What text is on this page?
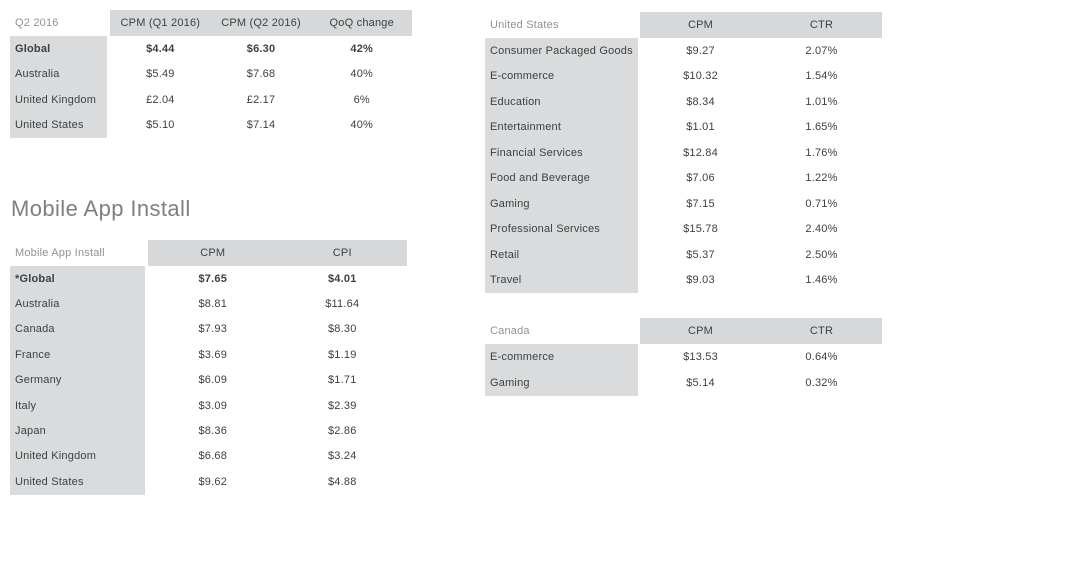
Q2 2016	CPM (Q1 2016)	CPM (Q2 2016)	QoQ change
Global	$4.44	$6.30	42%
Australia	$5.49	$7.68	40%
United Kingdom	£2.04	£2.17	6%
United States	$5.10	$7.14	40%
Mobile App Install
Mobile App Install	CPM	CPI
*Global	$7.65	$4.01
Australia	$8.81	$11.64
Canada	$7.93	$8.30
France	$3.69	$1.19
Germany	$6.09	$1.71
Italy	$3.09	$2.39
Japan	$8.36	$2.86
United Kingdom	$6.68	$3.24
United States	$9.62	$4.88
United States	CPM	CTR
Consumer Packaged Goods	$9.27	2.07%
E-commerce	$10.32	1.54%
Education	$8.34	1.01%
Entertainment	$1.01	1.65%
Financial Services	$12.84	1.76%
Food and Beverage	$7.06	1.22%
Gaming	$7.15	0.71%
Professional Services	$15.78	2.40%
Retail	$5.37	2.50%
Travel	$9.03	1.46%
Canada	CPM	CTR
E-commerce	$13.53	0.64%
Gaming	$5.14	0.32%
